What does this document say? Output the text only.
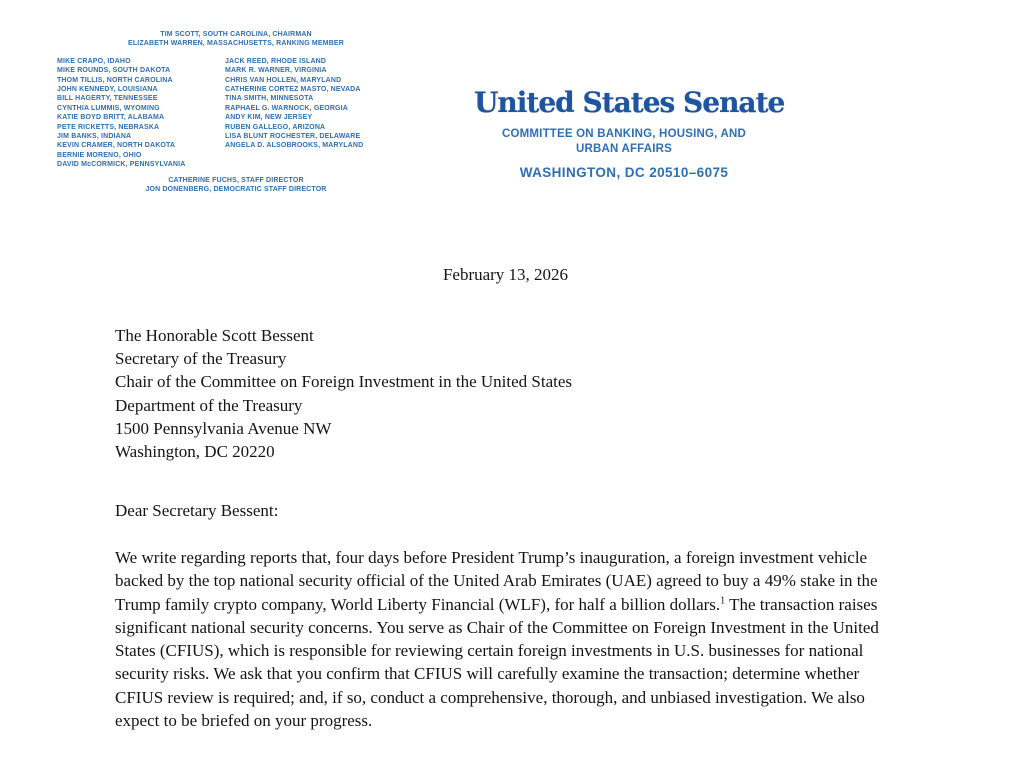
TIM SCOTT, SOUTH CAROLINA, CHAIRMAN
ELIZABETH WARREN, MASSACHUSETTS, RANKING MEMBER
MIKE CRAPO, IDAHO
MIKE ROUNDS, SOUTH DAKOTA
THOM TILLIS, NORTH CAROLINA
JOHN KENNEDY, LOUISIANA
BILL HAGERTY, TENNESSEE
CYNTHIA LUMMIS, WYOMING
KATIE BOYD BRITT, ALABAMA
PETE RICKETTS, NEBRASKA
JIM BANKS, INDIANA
KEVIN CRAMER, NORTH DAKOTA
BERNIE MORENO, OHIO
DAVID McCORMICK, PENNSYLVANIA
JACK REED, RHODE ISLAND
MARK R. WARNER, VIRGINIA
CHRIS VAN HOLLEN, MARYLAND
CATHERINE CORTEZ MASTO, NEVADA
TINA SMITH, MINNESOTA
RAPHAEL G. WARNOCK, GEORGIA
ANDY KIM, NEW JERSEY
RUBEN GALLEGO, ARIZONA
LISA BLUNT ROCHESTER, DELAWARE
ANGELA D. ALSOBROOKS, MARYLAND
CATHERINE FUCHS, STAFF DIRECTOR
JON DONENBERG, DEMOCRATIC STAFF DIRECTOR
United States Senate
COMMITTEE ON BANKING, HOUSING, AND
URBAN AFFAIRS
WASHINGTON, DC 20510–6075
February 13, 2026
The Honorable Scott Bessent
Secretary of the Treasury
Chair of the Committee on Foreign Investment in the United States
Department of the Treasury
1500 Pennsylvania Avenue NW
Washington, DC 20220
Dear Secretary Bessent:

We write regarding reports that, four days before President Trump’s inauguration, a foreign investment vehicle backed by the top national security official of the United Arab Emirates (UAE) agreed to buy a 49% stake in the Trump family crypto company, World Liberty Financial (WLF), for half a billion dollars.$^1$ The transaction raises significant national security concerns. You serve as Chair of the Committee on Foreign Investment in the United States (CFIUS), which is responsible for reviewing certain foreign investments in U.S. businesses for national security risks. We ask that you confirm that CFIUS will carefully examine the transaction; determine whether CFIUS review is required; and, if so, conduct a comprehensive, thorough, and unbiased investigation. We also expect to be briefed on your progress.
